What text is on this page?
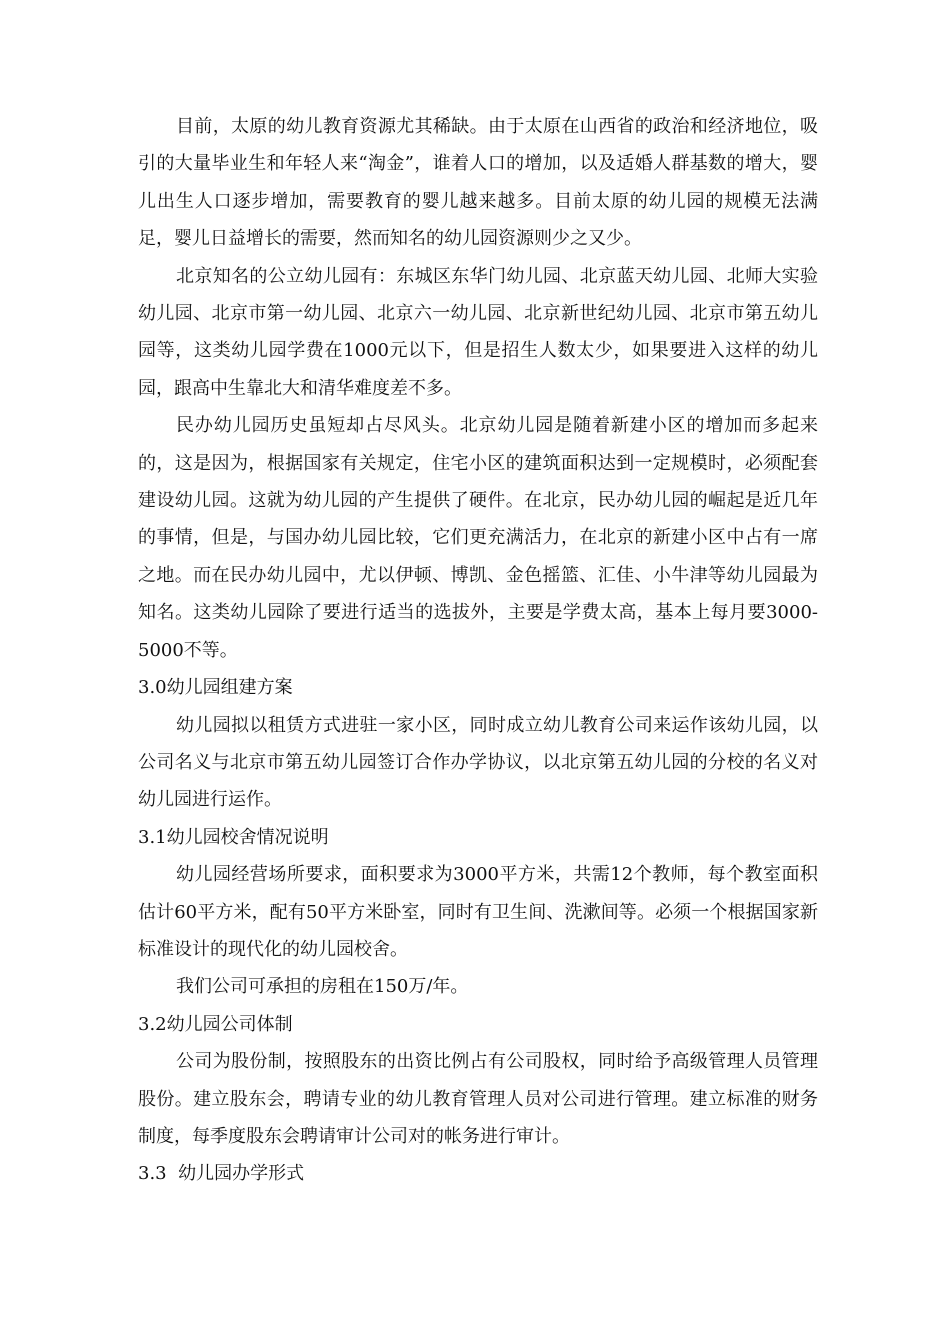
目前，太原的幼儿教育资源尤其稀缺。由于太原在山西省的政治和经济地位，吸引的大量毕业生和年轻人来“淘金”，谁着人口的增加，以及适婚人群基数的增大，婴儿出生人口逐步增加，需要教育的婴儿越来越多。目前太原的幼儿园的规模无法满足，婴儿日益增长的需要，然而知名的幼儿园资源则少之又少。

北京知名的公立幼儿园有：东城区东华门幼儿园、北京蓝天幼儿园、北师大实验幼儿园、北京市第一幼儿园、北京六一幼儿园、北京新世纪幼儿园、北京市第五幼儿园等，这类幼儿园学费在1000元以下，但是招生人数太少，如果要进入这样的幼儿园，跟高中生靠北大和清华难度差不多。

民办幼儿园历史虽短却占尽风头。北京幼儿园是随着新建小区的增加而多起来的，这是因为，根据国家有关规定，住宅小区的建筑面积达到一定规模时，必须配套建设幼儿园。这就为幼儿园的产生提供了硬件。在北京，民办幼儿园的崛起是近几年的事情，但是，与国办幼儿园比较，它们更充满活力，在北京的新建小区中占有一席之地。而在民办幼儿园中，尤以伊顿、博凯、金色摇篮、汇佳、小牛津等幼儿园最为知名。这类幼儿园除了要进行适当的选拔外，主要是学费太高，基本上每月要3000-5000不等。

3.0幼儿园组建方案

幼儿园拟以租赁方式进驻一家小区，同时成立幼儿教育公司来运作该幼儿园，以公司名义与北京市第五幼儿园签订合作办学协议，以北京第五幼儿园的分校的名义对幼儿园进行运作。

3.1幼儿园校舍情况说明

幼儿园经营场所要求，面积要求为3000平方米，共需12个教师，每个教室面积估计60平方米，配有50平方米卧室，同时有卫生间、洗漱间等。必须一个根据国家新标准设计的现代化的幼儿园校舍。

我们公司可承担的房租在150万/年。

3.2幼儿园公司体制

公司为股份制，按照股东的出资比例占有公司股权，同时给予高级管理人员管理股份。建立股东会，聘请专业的幼儿教育管理人员对公司进行管理。建立标准的财务制度，每季度股东会聘请审计公司对的帐务进行审计。

3.3  幼儿园办学形式
